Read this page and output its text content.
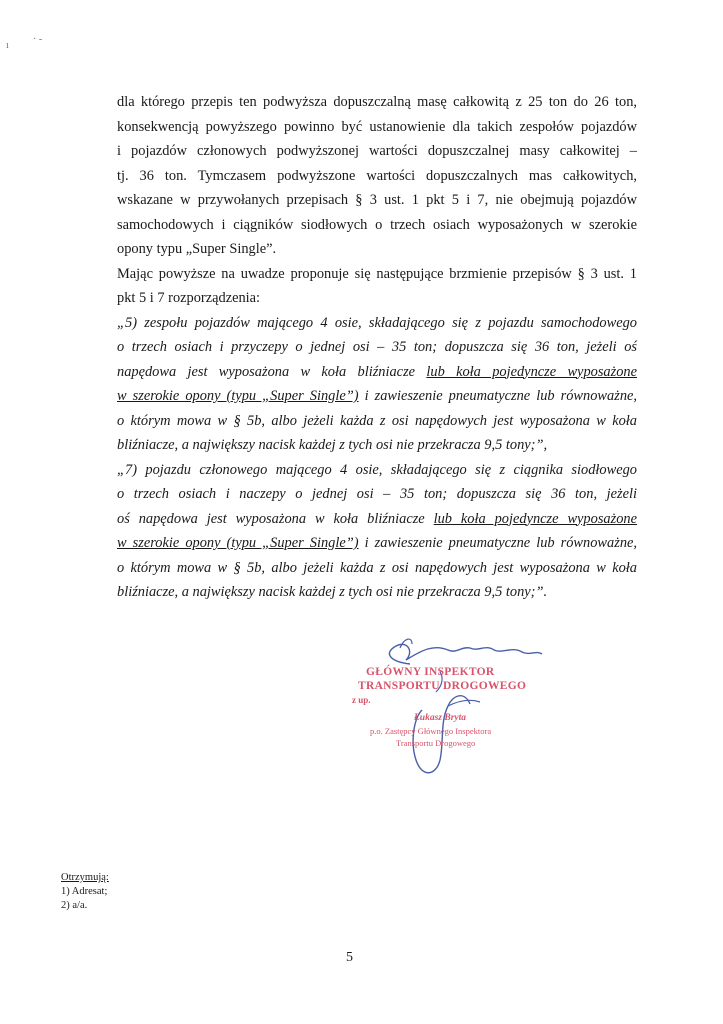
ı
· -
dla którego przepis ten podwyższa dopuszczalną masę całkowitą z 25 ton do 26 ton,
konsekwencją powyższego powinno być ustanowienie dla takich zespołów pojazdów
i pojazdów członowych podwyższonej wartości dopuszczalnej masy całkowitej –
tj. 36 ton. Tymczasem podwyższone wartości dopuszczalnych mas całkowitych,
wskazane w przywołanych przepisach § 3 ust. 1 pkt 5 i 7, nie obejmują pojazdów
samochodowych i ciągników siodłowych o trzech osiach wyposażonych w szerokie
opony typu „Super Single”.
Mając powyższe na uwadze proponuje się następujące brzmienie przepisów § 3 ust. 1
pkt 5 i 7 rozporządzenia:
„5) zespołu pojazdów mającego 4 osie, składającego się z pojazdu samochodowego
o trzech osiach i przyczepy o jednej osi – 35 ton; dopuszcza się 36 ton, jeżeli oś
napędowa jest wyposażona w koła bliźniacze lub koła pojedyncze wyposażone
w szerokie opony (typu „Super Single”) i zawieszenie pneumatyczne lub równoważne,
o którym mowa w § 5b, albo jeżeli każda z osi napędowych jest wyposażona w koła
bliźniacze, a największy nacisk każdej z tych osi nie przekracza 9,5 tony;”,
„7) pojazdu członowego mającego 4 osie, składającego się z ciągnika siodłowego
o trzech osiach i naczepy o jednej osi – 35 ton; dopuszcza się 36 ton, jeżeli
oś napędowa jest wyposażona w koła bliźniacze lub koła pojedyncze wyposażone
w szerokie opony (typu „Super Single”) i zawieszenie pneumatyczne lub równoważne,
o którym mowa w § 5b, albo jeżeli każda z osi napędowych jest wyposażona w koła
bliźniacze, a największy nacisk każdej z tych osi nie przekracza 9,5 tony;”.
GŁÓWNY INSPEKTOR
TRANSPORTU DROGOWEGO
z up.
Łukasz Bryta
p.o. Zastępcy Głównego Inspektora
Transportu Drogowego
Otrzymują:
1) Adresat;
2) a/a.
5
